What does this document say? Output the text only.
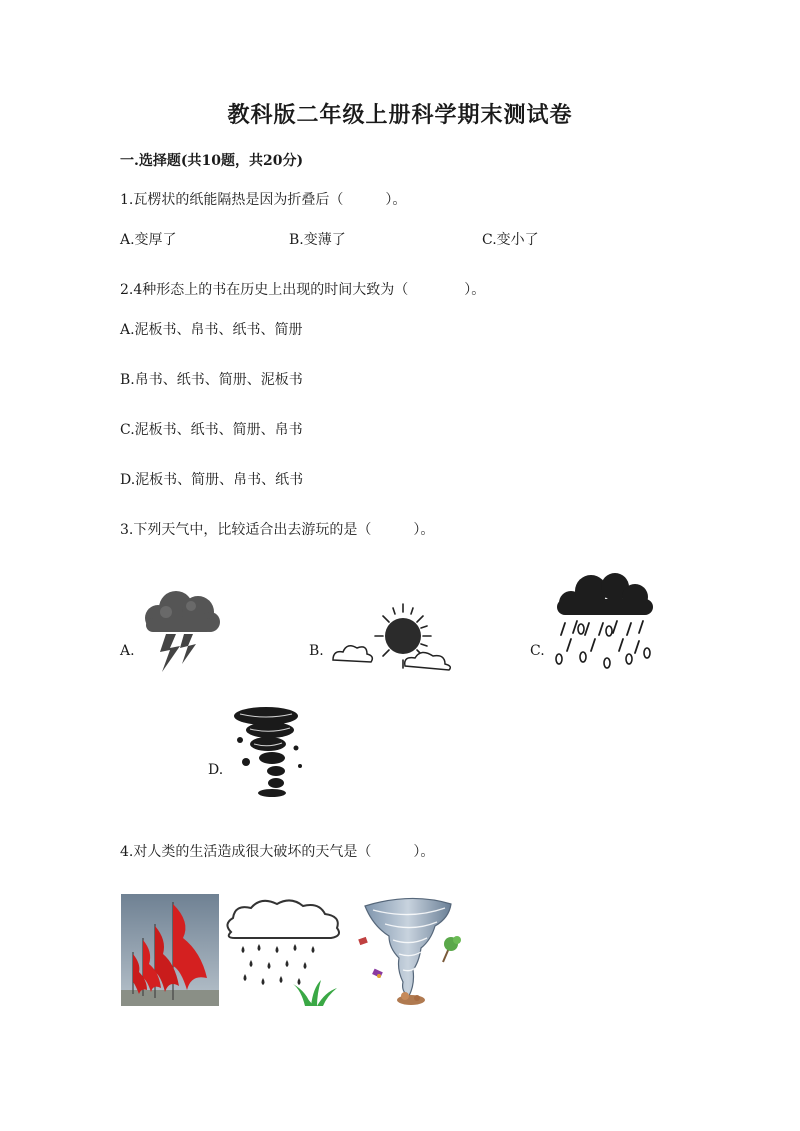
教科版二年级上册科学期末测试卷
一.选择题(共10题，共20分)
1.瓦楞状的纸能隔热是因为折叠后（　　　）。
A.变厚了	B.变薄了	C.变小了
2.4种形态上的书在历史上出现的时间大致为（　　　　）。
A.泥板书、帛书、纸书、简册
B.帛书、纸书、简册、泥板书
C.泥板书、纸书、简册、帛书
D.泥板书、简册、帛书、纸书
3.下列天气中，比较适合出去游玩的是（　　　）。
A.	B.	C.
D.
4.对人类的生活造成很大破坏的天气是（　　　）。
